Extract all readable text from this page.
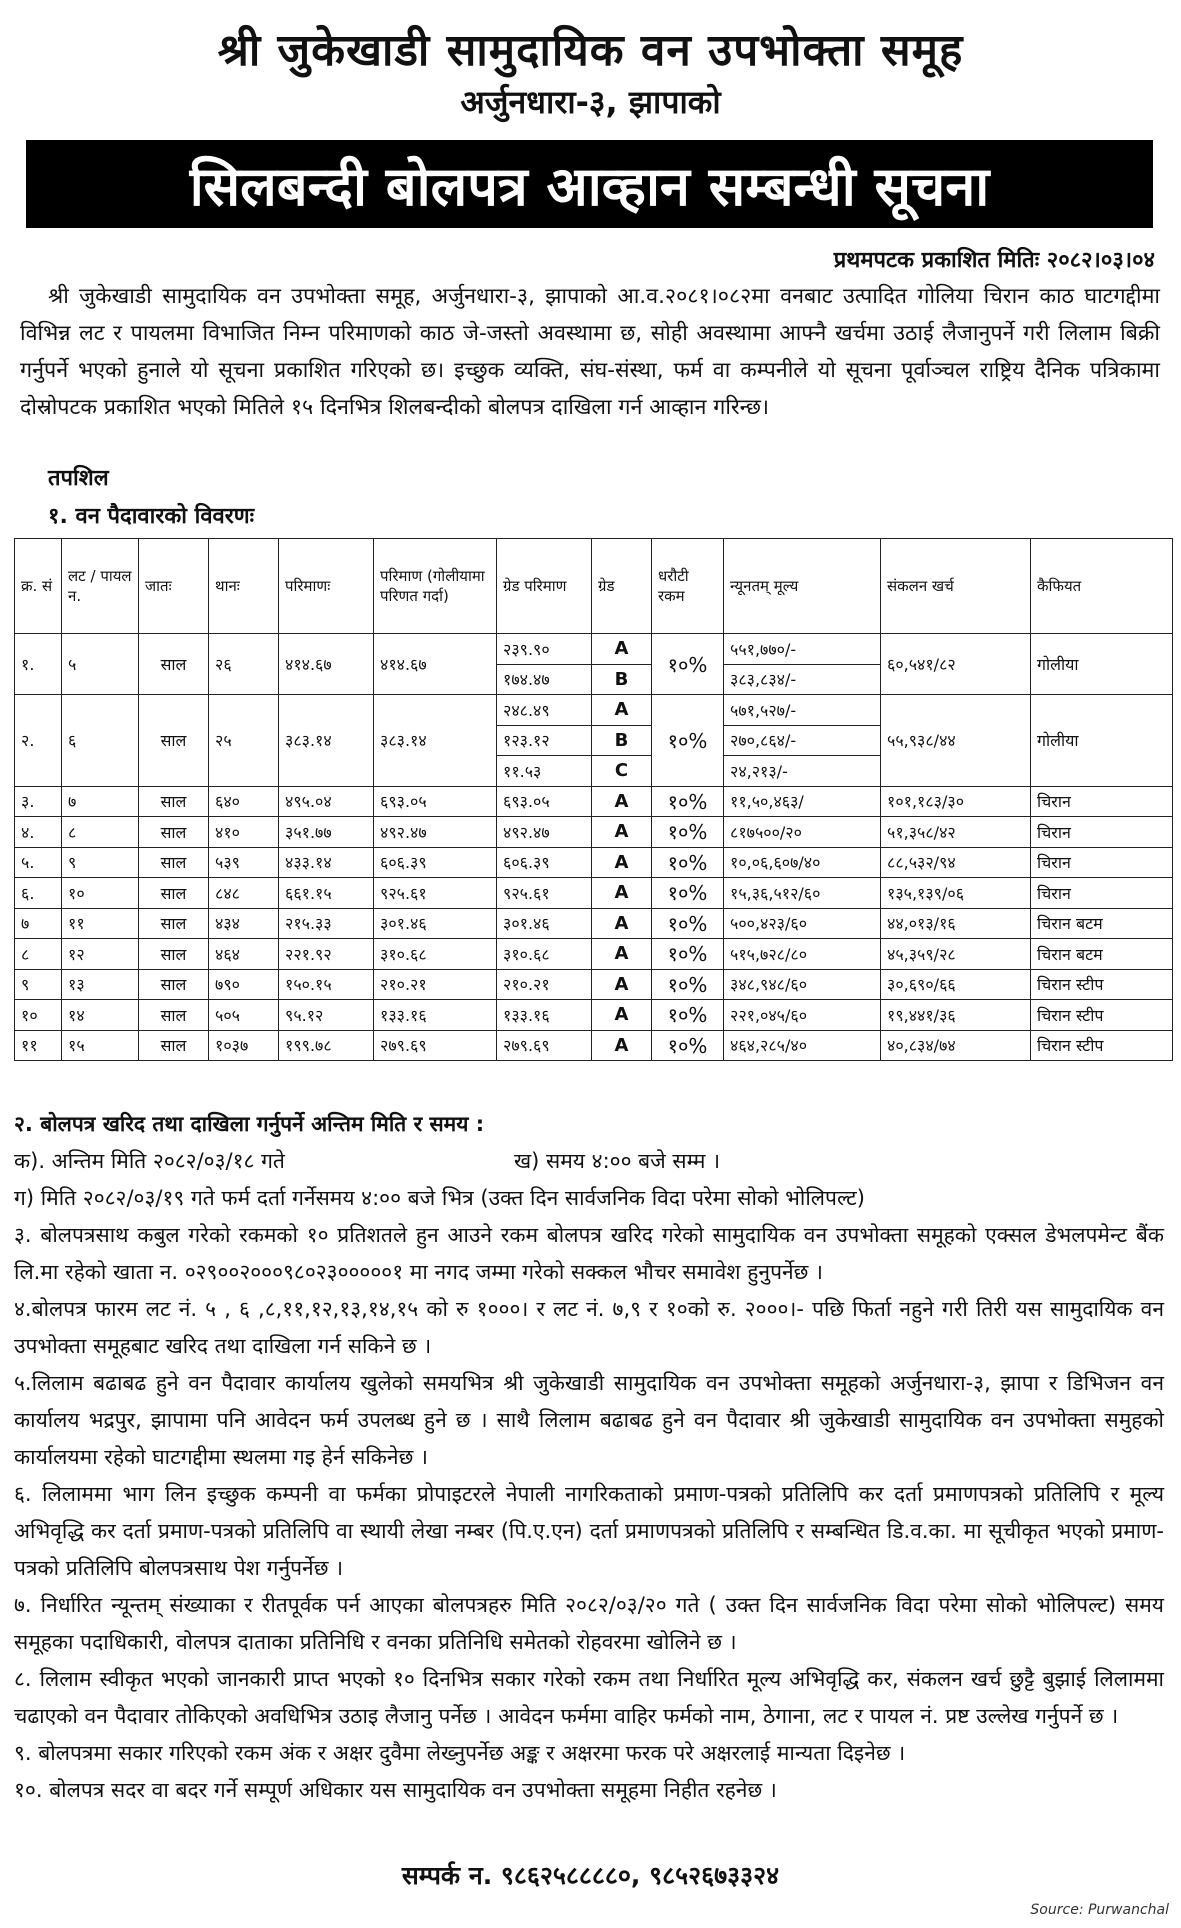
श्री जुकेखाडी सामुदायिक वन उपभोक्ता समूह
अर्जुनधारा-३, झापाको
सिलबन्दी बोलपत्र आव्हान सम्बन्धी सूचना
प्रथमपटक प्रकाशित मितिः २०८२।०३।०४
श्री जुकेखाडी सामुदायिक वन उपभोक्ता समूह, अर्जुनधारा-३, झापाको आ.व.२०८१।०८२मा वनबाट उत्पादित गोलिया चिरान काठ घाटगद्दीमा विभिन्न लट र पायलमा विभाजित निम्न परिमाणको काठ जे-जस्तो अवस्थामा छ, सोही अवस्थामा आफ्नै खर्चमा उठाई लैजानुपर्ने गरी लिलाम बिक्री गर्नुपर्ने भएको हुनाले यो सूचना प्रकाशित गरिएको छ। इच्छुक व्यक्ति, संघ-संस्था, फर्म वा कम्पनीले यो सूचना पूर्वाञ्चल राष्ट्रिय दैनिक पत्रिकामा दोस्रोपटक प्रकाशित भएको मितिले १५ दिनभित्र शिलबन्दीको बोलपत्र दाखिला गर्न आव्हान गरिन्छ।
तपशिल
१. वन पैदावारको विवरणः
क्र. सं	लट / पायल न.	जातः	थानः	परिमाणः	परिमाण (गोलीयामा परिणत गर्दा)	ग्रेड परिमाण	ग्रेड	धरौटी रकम	न्यूनतम् मूल्य	संकलन खर्च	कैफियत
१.	५	साल	२६	४१४.६७	४१४.६७	२३९.९०	A	१०%	५५१,७७०/-	६०,५४१/८२	गोलीया
						१७४.४७	B		३८३,८३४/-		
२.	६	साल	२५	३८३.१४	३८३.१४	२४८.४९	A	१०%	५७१,५२७/-	५५,९३८/४४	गोलीया
						१२३.१२	B		२७०,८६४/-		
						११.५३	C		२४,२१३/-		
३.	७	साल	६४०	४९५.०४	६९३.०५	६९३.०५	A	१०%	११,५०,४६३/	१०१,१८३/३०	चिरान
४.	८	साल	४१०	३५१.७७	४९२.४७	४९२.४७	A	१०%	८१७५००/२०	५१,३५८/४२	चिरान
५.	९	साल	५३९	४३३.१४	६०६.३९	६०६.३९	A	१०%	१०,०६,६०७/४०	८८,५३२/९४	चिरान
६.	१०	साल	८४८	६६१.१५	९२५.६१	९२५.६१	A	१०%	१५,३६,५१२/६०	१३५,१३९/०६	चिरान
७	११	साल	४३४	२१५.३३	३०१.४६	३०१.४६	A	१०%	५००,४२३/६०	४४,०१३/१६	चिरान बटम
८	१२	साल	४६४	२२१.९२	३१०.६८	३१०.६८	A	१०%	५१५,७२८/८०	४५,३५९/२८	चिरान बटम
९	१३	साल	७९०	१५०.१५	२१०.२१	२१०.२१	A	१०%	३४८,९४८/६०	३०,६९०/६६	चिरान स्टीप
१०	१४	साल	५०५	९५.१२	१३३.१६	१३३.१६	A	१०%	२२१,०४५/६०	१९,४४१/३६	चिरान स्टीप
११	१५	साल	१०३७	१९९.७८	२७९.६९	२७९.६९	A	१०%	४६४,२८५/४०	४०,८३४/७४	चिरान स्टीप

२. बोलपत्र खरिद तथा दाखिला गर्नुपर्ने अन्तिम मिति र समय :

क). अन्तिम मिति २०८२/०३/१८ गते	ख) समय ४:०० बजे सम्म ।

ग) मिति २०८२/०३/१९ गते फर्म दर्ता गर्नेसमय ४:०० बजे भित्र (उक्त दिन सार्वजनिक विदा परेमा सोको भोलिपल्ट)

३. बोलपत्रसाथ कबुल गरेको रकमको १० प्रतिशतले हुन आउने रकम बोलपत्र खरिद गरेको सामुदायिक वन उपभोक्ता समूहको एक्सल डेभलपमेन्ट बैंक लि.मा रहेको खाता न. ०२९००२०००९८०२३०००००१ मा नगद जम्मा गरेको सक्कल भौचर समावेश हुनुपर्नेछ ।

४.बोलपत्र फारम लट नं. ५ , ६ ,८,११,१२,१३,१४,१५ को रु १०००। र लट नं. ७,९ र १०को रु. २०००।- पछि फिर्ता नहुने गरी तिरी यस सामुदायिक वन उपभोक्ता समूहबाट खरिद तथा दाखिला गर्न सकिने छ ।

५.लिलाम बढाबढ हुने वन पैदावार कार्यालय खुलेको समयभित्र श्री जुकेखाडी सामुदायिक वन उपभोक्ता समूहको अर्जुनधारा-३, झापा र डिभिजन वन कार्यालय भद्रपुर, झापामा पनि आवेदन फर्म उपलब्ध हुने छ । साथै लिलाम बढाबढ हुने वन पैदावार श्री जुकेखाडी सामुदायिक वन उपभोक्ता समुहको कार्यालयमा रहेको घाटगद्दीमा स्थलमा गइ हेर्न सकिनेछ ।

६. लिलाममा भाग लिन इच्छुक कम्पनी वा फर्मका प्रोपाइटरले नेपाली नागरिकताको प्रमाण-पत्रको प्रतिलिपि कर दर्ता प्रमाणपत्रको प्रतिलिपि र मूल्य अभिवृद्धि कर दर्ता प्रमाण-पत्रको प्रतिलिपि वा स्थायी लेखा नम्बर (पि.ए.एन) दर्ता प्रमाणपत्रको प्रतिलिपि र सम्बन्धित डि.व.का. मा सूचीकृत भएको प्रमाण-पत्रको प्रतिलिपि बोलपत्रसाथ पेश गर्नुपर्नेछ ।

७. निर्धारित न्यून्तम् संख्याका र रीतपूर्वक पर्न आएका बोलपत्रहरु मिति २०८२/०३/२० गते ( उक्त दिन सार्वजनिक विदा परेमा सोको भोलिपल्ट) समय समूहका पदाधिकारी, वोलपत्र दाताका प्रतिनिधि र वनका प्रतिनिधि समेतको रोहवरमा खोलिने छ ।

८. लिलाम स्वीकृत भएको जानकारी प्राप्त भएको १० दिनभित्र सकार गरेको रकम तथा निर्धारित मूल्य अभिवृद्धि कर, संकलन खर्च छुट्टै बुझाई लिलाममा चढाएको वन पैदावार तोकिएको अवधिभित्र उठाइ लैजानु पर्नेछ । आवेदन फर्ममा वाहिर फर्मको नाम, ठेगाना, लट र पायल नं. प्रष्ट उल्लेख गर्नुपर्ने छ ।

९. बोलपत्रमा सकार गरिएको रकम अंक र अक्षर दुवैमा लेख्नुपर्नेछ अङ्क र अक्षरमा फरक परे अक्षरलाई मान्यता दिइनेछ ।

१०. बोलपत्र सदर वा बदर गर्ने सम्पूर्ण अधिकार यस सामुदायिक वन उपभोक्ता समूहमा निहीत रहनेछ ।

सम्पर्क न. ९८६२५८८८८०, ९८५२६७३३२४
Source: Purwanchal
